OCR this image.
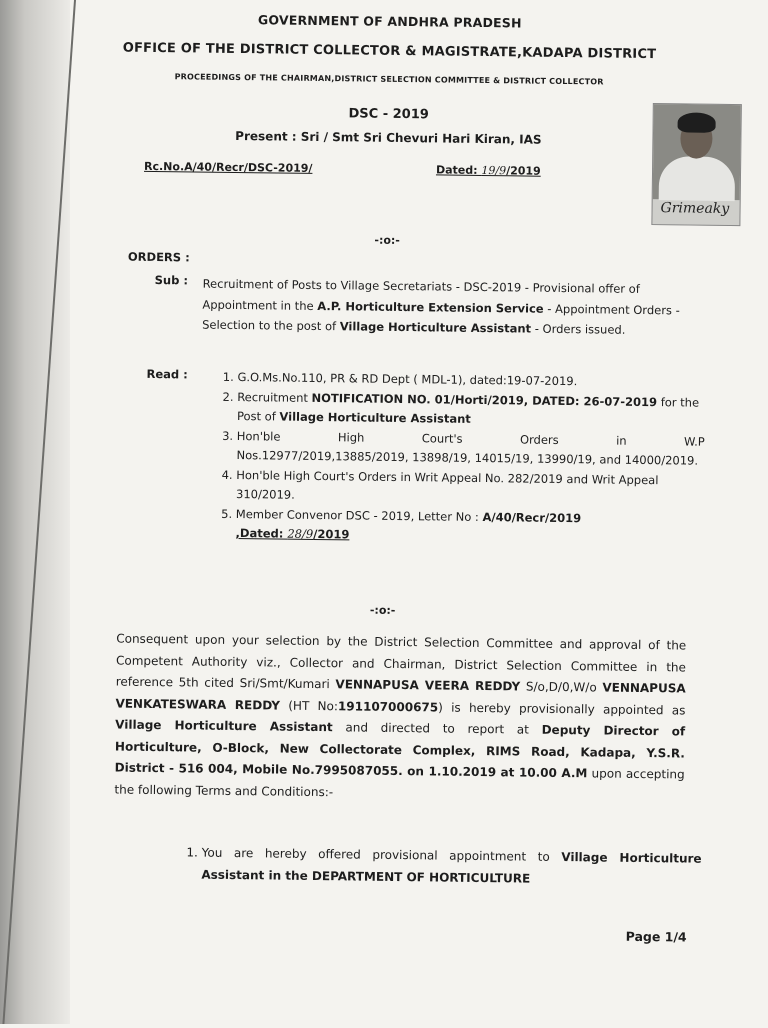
GOVERNMENT OF ANDHRA PRADESH
OFFICE OF THE DISTRICT COLLECTOR & MAGISTRATE,KADAPA DISTRICT
PROCEEDINGS OF THE CHAIRMAN,DISTRICT SELECTION COMMITTEE & DISTRICT COLLECTOR
DSC - 2019
Present : Sri / Smt Sri Chevuri Hari Kiran, IAS
Rc.No.A/40/Recr/DSC-2019/	Dated: 19/9/2019
Grimeaky
-:o:-
ORDERS :
Sub : Recruitment of Posts to Village Secretariats - DSC-2019 - Provisional offer of Appointment in the A.P. Horticulture Extension Service - Appointment Orders - Selection to the post of Village Horticulture Assistant - Orders issued.
Read :
1.	G.O.Ms.No.110, PR & RD Dept ( MDL-1), dated:19-07-2019.
2. Recruitment NOTIFICATION NO. 01/Horti/2019, DATED: 26-07-2019 for the Post of Village Horticulture Assistant
3. Hon'ble High Court's Orders in W.P
Nos.12977/2019,13885/2019, 13898/19, 14015/19, 13990/19, and 14000/2019.
4. Hon'ble High Court's Orders in Writ Appeal No. 282/2019 and Writ Appeal 310/2019.
5. Member Convenor DSC - 2019, Letter No : A/40/Recr/2019
,Dated: 28/9/2019
-:o:-
Consequent upon your selection by the District Selection Committee and approval of the Competent Authority viz., Collector and Chairman, District Selection Committee in the reference 5th cited Sri/Smt/Kumari VENNAPUSA VEERA REDDY S/o,D/0,W/o VENNAPUSA VENKATESWARA REDDY (HT No:191107000675) is hereby provisionally appointed as Village Horticulture Assistant and directed to report at Deputy Director of Horticulture, O-Block, New Collectorate Complex, RIMS Road, Kadapa, Y.S.R. District - 516 004, Mobile No.7995087055. on 1.10.2019 at 10.00 A.M upon accepting the following Terms and Conditions:-
1. You are hereby offered provisional appointment to Village Horticulture Assistant in the DEPARTMENT OF HORTICULTURE
Page 1/4
